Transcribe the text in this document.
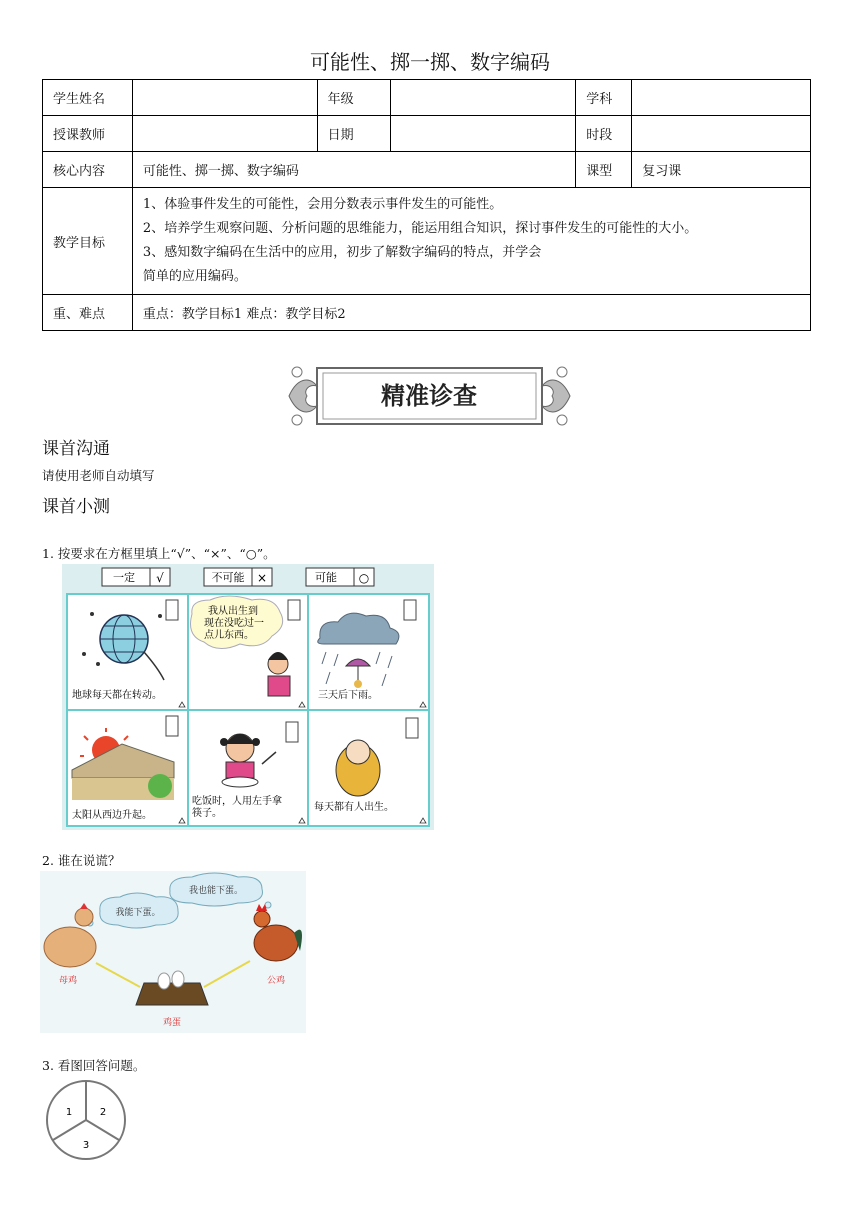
可能性、掷一掷、数字编码
学生姓名		年级		学科	
授课教师		日期		时段	
核心内容	可能性、掷一掷、数字编码			课型	复习课
教学目标	1、体验事件发生的可能性，会用分数表示事件发生的可能性。
2、培养学生观察问题、分析问题的思维能力，能运用组合知识，探讨事件发生的可能性的大小。
3、感知数字编码在生活中的应用，初步了解数字编码的特点，并学会
简单的应用编码。				

重、难点	重点：教学目标1 难点：教学目标2				
精准诊查
课首沟通
请使用老师自动填写
课首小测
1. 按要求在方框里填上“√”、“×”、“○”。
一定 √	不可能 ×	可能 ○
地球每天都在转动。
我从出生到
现在没吃过一
点儿东西。
三天后下雨。
太阳从西边升起。
吃饭时，人用左手拿
筷子。
每天都有人出生。
2. 谁在说谎？
我能下蛋。
我也能下蛋。
母鸡	公鸡
鸡蛋
3. 看图回答问题。
1	2
3
